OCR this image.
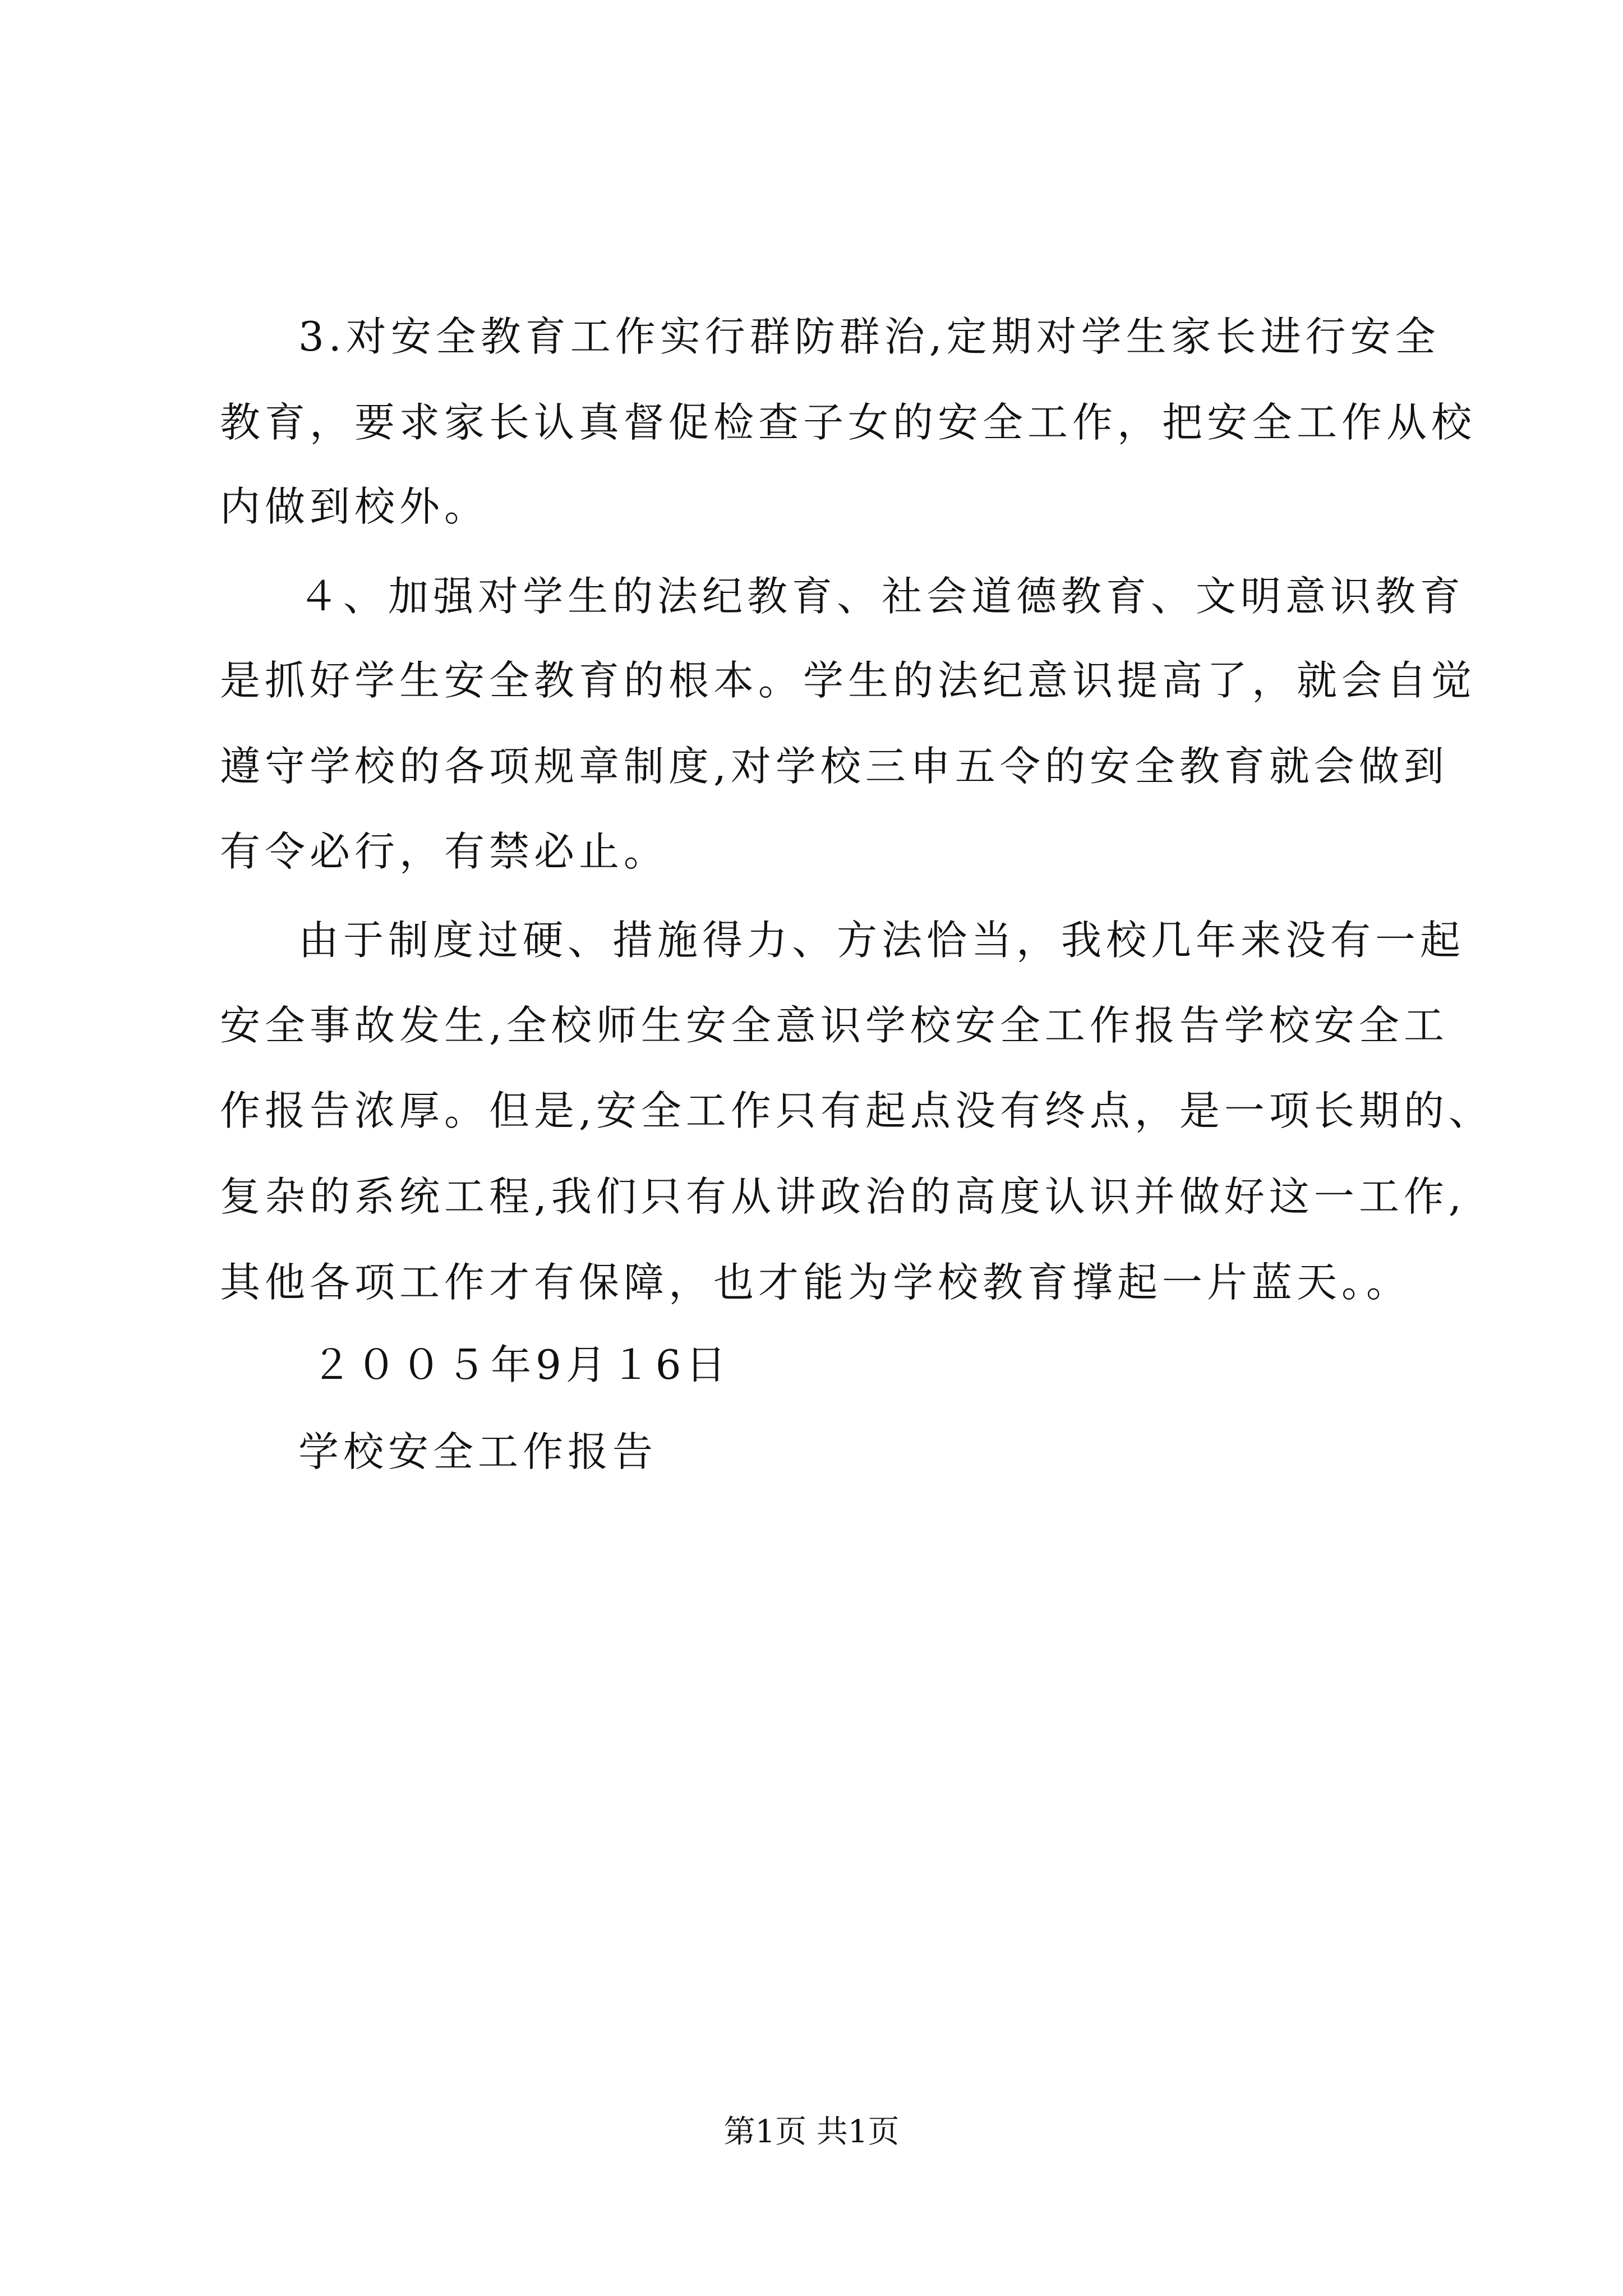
3.对安全教育工作实行群防群治,定期对学生家长进行安全
教育，要求家长认真督促检查子女的安全工作，把安全工作从校
内做到校外。
４、加强对学生的法纪教育、社会道德教育、文明意识教育
是抓好学生安全教育的根本。学生的法纪意识提高了，就会自觉
遵守学校的各项规章制度,对学校三申五令的安全教育就会做到
有令必行，有禁必止。
由于制度过硬、措施得力、方法恰当，我校几年来没有一起
安全事故发生,全校师生安全意识学校安全工作报告学校安全工
作报告浓厚。但是,安全工作只有起点没有终点，是一项长期的、
复杂的系统工程,我们只有从讲政治的高度认识并做好这一工作,
其他各项工作才有保障，也才能为学校教育撑起一片蓝天。。
２００５年9月１6日
学校安全工作报告
第1页 共1页
